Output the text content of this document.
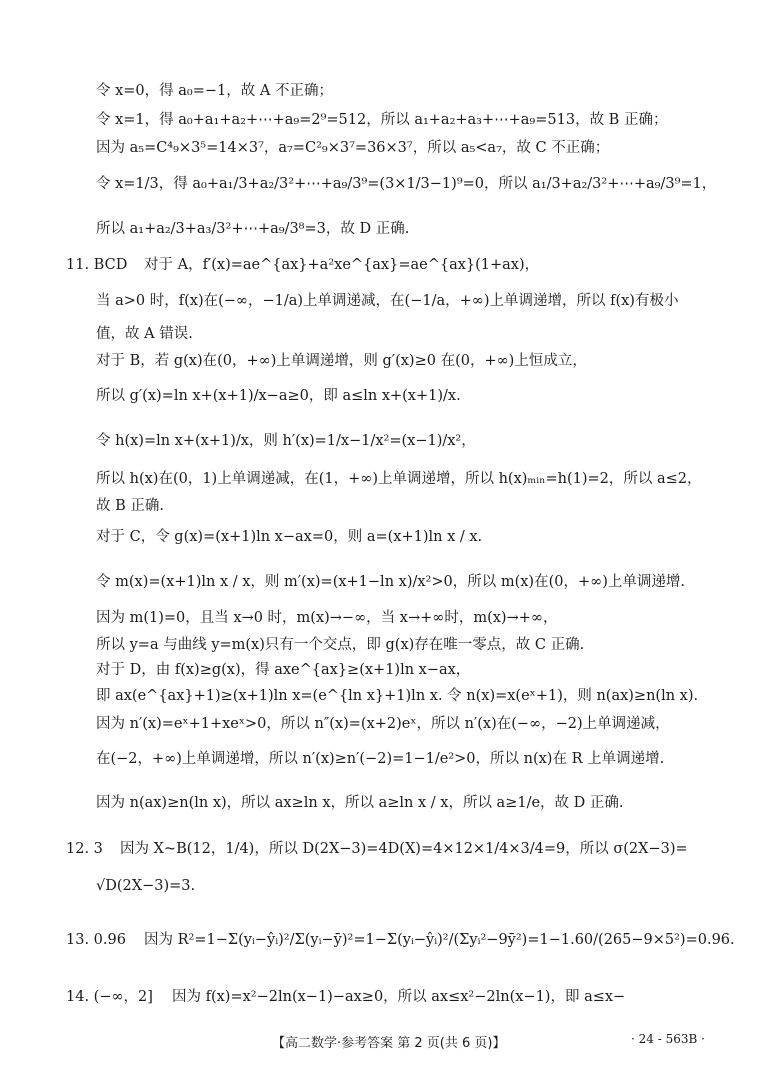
令 x=0，得 a₀=−1，故 A 不正确；
令 x=1，得 a₀+a₁+a₂+⋯+a₉=2⁹=512，所以 a₁+a₂+a₃+⋯+a₉=513，故 B 正确；
因为 a₅=C⁴₉×3⁵=14×3⁷，a₇=C²₉×3⁷=36×3⁷，所以 a₅<a₇，故 C 不正确；
令 x=1/3，得 a₀+a₁/3+a₂/3²+⋯+a₉/3⁹=(3×1/3−1)⁹=0，所以 a₁/3+a₂/3²+⋯+a₉/3⁹=1，
所以 a₁+a₂/3+a₃/3²+⋯+a₉/3⁸=3，故 D 正确.
11. BCD 对于 A，f′(x)=ae^{ax}+a²xe^{ax}=ae^{ax}(1+ax)，
当 a>0 时，f(x)在(−∞，−1/a)上单调递减，在(−1/a，+∞)上单调递增，所以 f(x)有极小
值，故 A 错误.
对于 B，若 g(x)在(0，+∞)上单调递增，则 g′(x)≥0 在(0，+∞)上恒成立，
所以 g′(x)=ln x+(x+1)/x−a≥0，即 a≤ln x+(x+1)/x.
令 h(x)=ln x+(x+1)/x，则 h′(x)=1/x−1/x²=(x−1)/x²，
所以 h(x)在(0，1)上单调递减，在(1，+∞)上单调递增，所以 h(x)ₘᵢₙ=h(1)=2，所以 a≤2，
故 B 正确.
对于 C，令 g(x)=(x+1)ln x−ax=0，则 a=(x+1)ln x / x.
令 m(x)=(x+1)ln x / x，则 m′(x)=(x+1−ln x)/x²>0，所以 m(x)在(0，+∞)上单调递增.
因为 m(1)=0，且当 x→0 时，m(x)→−∞，当 x→+∞时，m(x)→+∞，
所以 y=a 与曲线 y=m(x)只有一个交点，即 g(x)存在唯一零点，故 C 正确.
对于 D，由 f(x)≥g(x)，得 axe^{ax}≥(x+1)ln x−ax，
即 ax(e^{ax}+1)≥(x+1)ln x=(e^{ln x}+1)ln x. 令 n(x)=x(eˣ+1)，则 n(ax)≥n(ln x).
因为 n′(x)=eˣ+1+xeˣ>0，所以 n″(x)=(x+2)eˣ，所以 n′(x)在(−∞，−2)上单调递减，
在(−2，+∞)上单调递增，所以 n′(x)≥n′(−2)=1−1/e²>0，所以 n(x)在 R 上单调递增.
因为 n(ax)≥n(ln x)，所以 ax≥ln x，所以 a≥ln x / x，所以 a≥1/e，故 D 正确.
12. 3 因为 X~B(12，1/4)，所以 D(2X−3)=4D(X)=4×12×1/4×3/4=9，所以 σ(2X−3)=
√D(2X−3)=3.
13. 0.96 因为 R²=1−Σ(yᵢ−ŷᵢ)²/Σ(yᵢ−ȳ)²=1−Σ(yᵢ−ŷᵢ)²/(Σyᵢ²−9ȳ²)=1−1.60/(265−9×5²)=0.96.
14. (−∞，2] 因为 f(x)=x²−2ln(x−1)−ax≥0，所以 ax≤x²−2ln(x−1)，即 a≤x−
【高二数学·参考答案 第 2 页(共 6 页)】	· 24 - 563B ·
